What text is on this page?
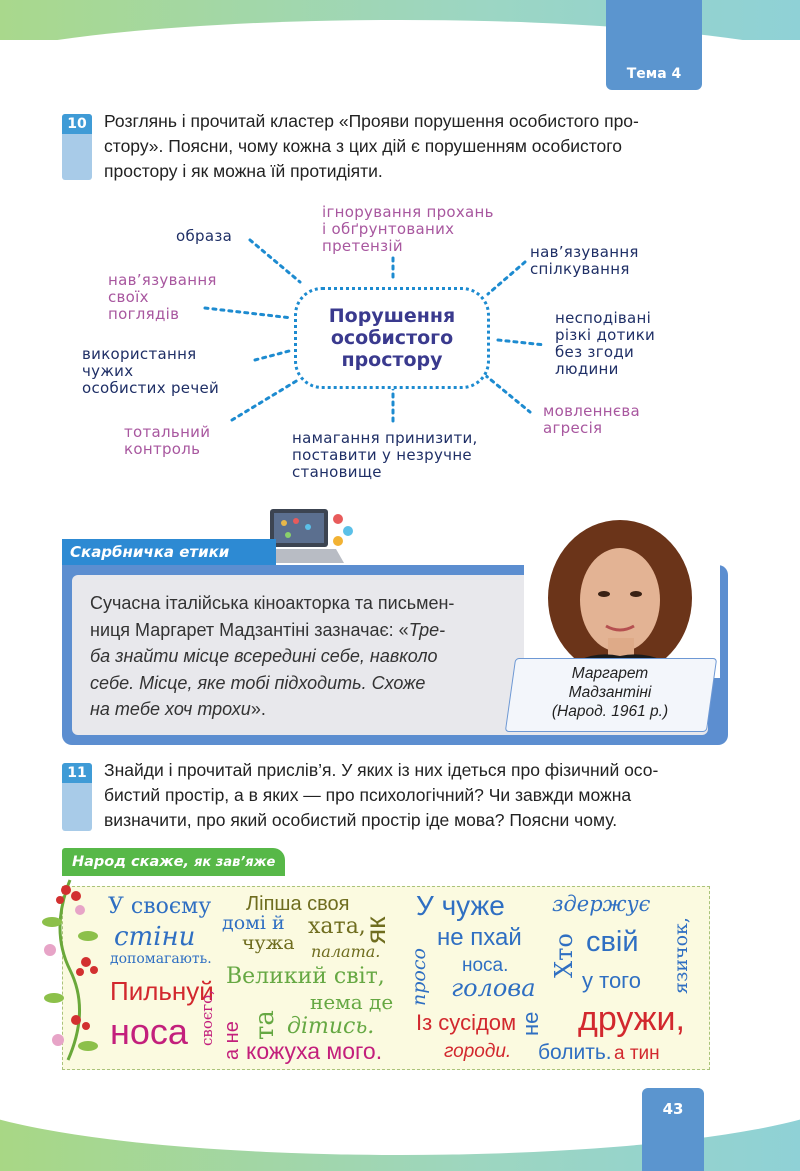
Тема 4
10 Розглянь і прочитай кластер «Прояви порушення особистого про-
стору». Поясни, чому кожна з цих дій є порушенням особистого
простору і як можна їй протидіяти.
Порушення
особистого
простору
ігнорування прохань
і обґрунтованих
претензій
образа
нав’язування
спілкування
нав’язування
своїх
поглядів	несподівані
різкі дотики
без згоди
людини
використання
чужих
особистих речей
тотальний
контроль
намагання принизити,
поставити у незручне
становище
мовленнєва
агресія
Скарбничка етики
Сучасна італійська кіноакторка та письмен-
ниця Маргарет Мадзантіні зазначає: «Тре-
ба знайти місце всередині себе, навколо
себе. Місце, яке тобі підходить. Схоже
на тебе хоч трохи».
Маргарет
Мадзантіні
(Народ. 1961 р.)
11 Знайди і прочитай прислів’я. У яких із них ідеться про фізичний осо-
бистий простір, а в яких — про психологічний? Чи завжди можна
визначити, про який особистий простір іде мова? Поясни чому.
Народ скаже, як зав’яже
У своєму
стіни
допомагають.
Пильнуй
носа своєго, а не
Ліпша своя
домі й хата,
чужа палата.
як
Великий світ,
та
нема де
дітись.
кожуха мого.
У чуже
просо
не пхай
носа.
голова
Із сусідом
городи.
Хто
не
здержує
свій
у того
дружи,
болить. а тин
язичок,
43
